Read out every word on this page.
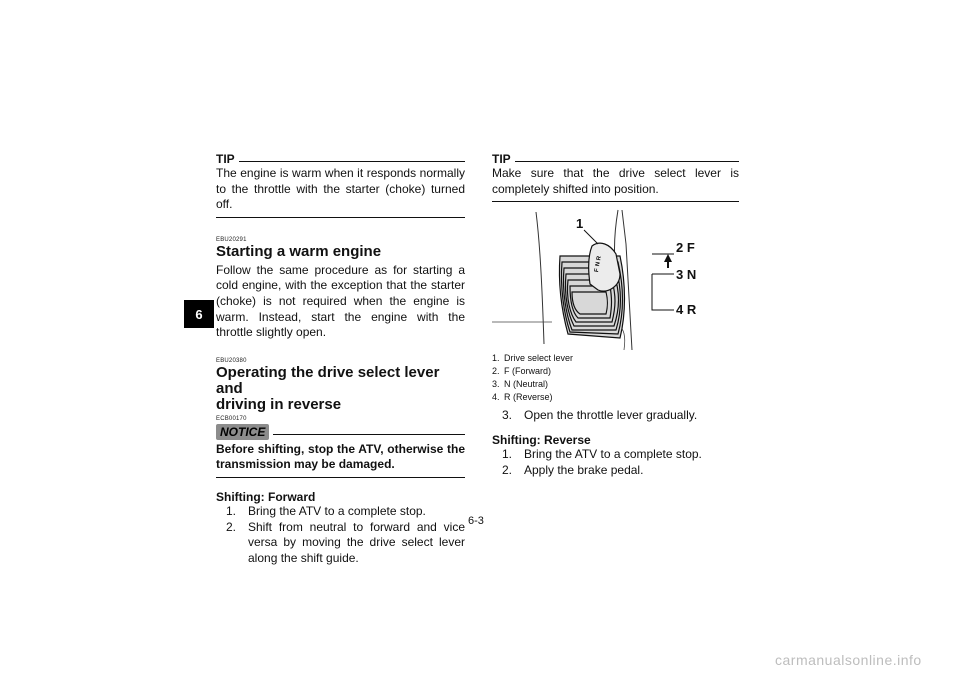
6
TIP
The engine is warm when it responds normally to the throttle with the starter (choke) turned off.
EBU20291
Starting a warm engine
Follow the same procedure as for starting a cold engine, with the exception that the starter (choke) is not required when the engine is warm. Instead, start the engine with the throttle slightly open.
EBU20380
Operating the drive select lever and
driving in reverse
ECB00170
NOTICE
Before shifting, stop the ATV, otherwise the transmission may be damaged.
Shifting: Forward
1. Bring the ATV to a complete stop.
2. Shift from neutral to forward and vice versa by moving the drive select lever along the shift guide.
TIP
Make sure that the drive select lever is completely shifted into position.
F
N
R
1
2 F
3 N
4 R
1. Drive select lever
2. F (Forward)
3. N (Neutral)
4. R (Reverse)
3. Open the throttle lever gradually.
Shifting: Reverse
1. Bring the ATV to a complete stop.
2. Apply the brake pedal.
6-3
carmanualsonline.info
